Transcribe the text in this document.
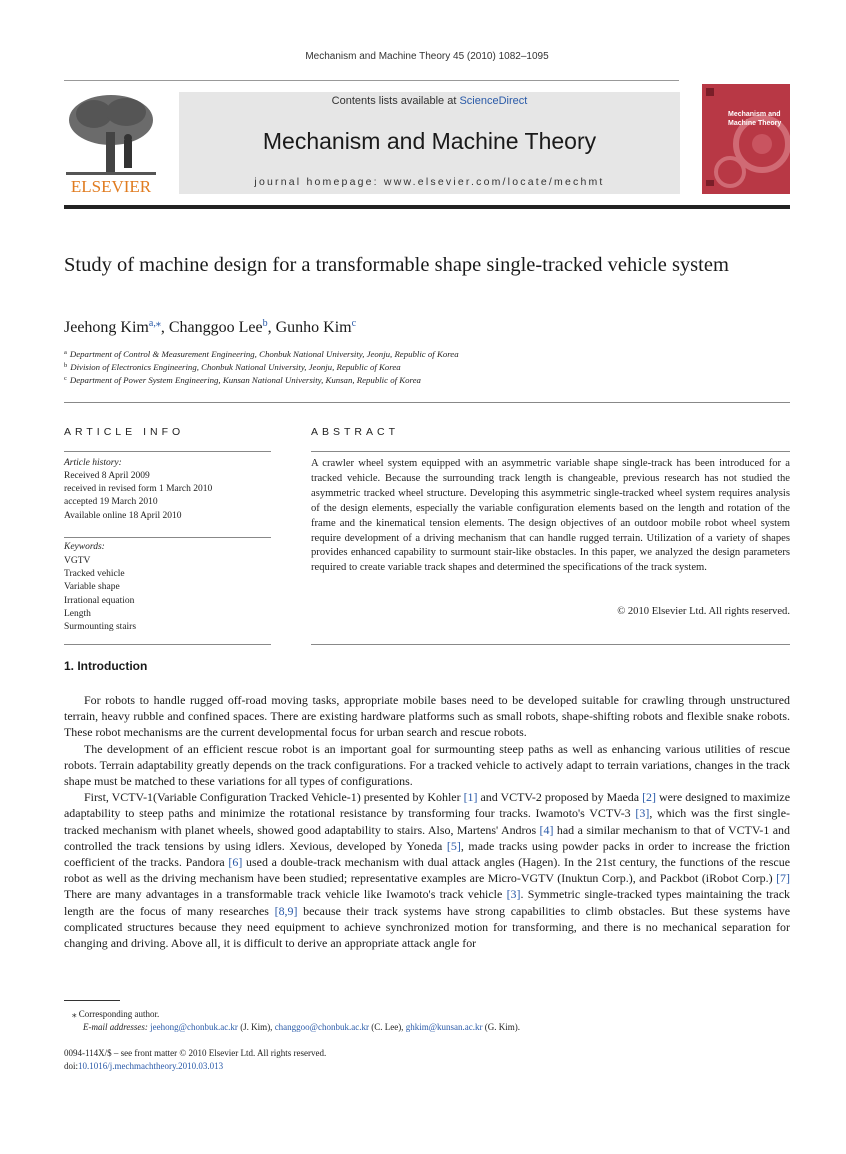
Mechanism and Machine Theory 45 (2010) 1082–1095
ELSEVIER
Contents lists available at ScienceDirect
Mechanism and Machine Theory
journal homepage: www.elsevier.com/locate/mechmt
Mechanism and Machine Theory
Study of machine design for a transformable shape single-tracked vehicle system
Jeehong Kim$^{a,⁎}$, Changgoo Lee$^b$, Gunho Kim$^c$
$^a$ Department of Control & Measurement Engineering, Chonbuk National University, Jeonju, Republic of Korea
$^b$ Division of Electronics Engineering, Chonbuk National University, Jeonju, Republic of Korea
$^c$ Department of Power System Engineering, Kunsan National University, Kunsan, Republic of Korea
ARTICLE INFO
Article history:
Received 8 April 2009
received in revised form 1 March 2010
accepted 19 March 2010
Available online 18 April 2010
Keywords:
VGTV
Tracked vehicle
Variable shape
Irrational equation
Length
Surmounting stairs
ABSTRACT
A crawler wheel system equipped with an asymmetric variable shape single-track has been introduced for a tracked vehicle. Because the surrounding track length is changeable, previous research has not studied the asymmetric tracked wheel structure. Developing this asymmetric single-tracked wheel system requires analysis of the design elements, especially the variable configuration elements based on the length and rotation of the frame and the kinematical tension elements. The design objectives of an outdoor mobile robot wheel system require development of a driving mechanism that can handle rugged terrain. Utilization of a variety of shapes provides enhanced capability to surmount stair-like obstacles. In this paper, we analyzed the design parameters required to create variable track shapes and determined the specifications of the track system.
© 2010 Elsevier Ltd. All rights reserved.
1. Introduction

For robots to handle rugged off-road moving tasks, appropriate mobile bases need to be developed suitable for crawling through unstructured terrain, heavy rubble and confined spaces. There are existing hardware platforms such as small robots, shape-shifting robots and flexible snake robots. These robot mechanisms are the current developmental focus for urban search and rescue robots.

The development of an efficient rescue robot is an important goal for surmounting steep paths as well as enhancing various utilities of rescue robots. Terrain adaptability greatly depends on the track configurations. For a tracked vehicle to actively adapt to terrain variations, changes in the track shape must be matched to these variations for all types of configurations.

First, VCTV-1(Variable Configuration Tracked Vehicle-1) presented by Kohler [1] and VCTV-2 proposed by Maeda [2] were designed to maximize adaptability to steep paths and minimize the rotational resistance by transforming four tracks. Iwamoto's VCTV-3 [3], which was the first single-tracked mechanism with planet wheels, showed good adaptability to stairs. Also, Martens' Andros [4] had a similar mechanism to that of VCTV-1 and controlled the track tensions by using idlers. Xevious, developed by Yoneda [5], made tracks using powder packs in order to increase the friction coefficient of the tracks. Pandora [6] used a double-track mechanism with dual attack angles (Hagen). In the 21st century, the functions of the rescue robot as well as the driving mechanism have been studied; representative examples are Micro-VGTV (Inuktun Corp.), and Packbot (iRobot Corp.) [7] There are many advantages in a transformable track vehicle like Iwamoto's track vehicle [3]. Symmetric single-tracked types maintaining the track length are the focus of many researches [8,9] because their track systems have strong capabilities to climb obstacles. But these systems have complicated structures because they need equipment to achieve synchronized motion for transforming, and there is no mechanical separation for changing and driving. Above all, it is difficult to derive an appropriate attack angle for

⁎ Corresponding author.
E-mail addresses: jeehong@chonbuk.ac.kr (J. Kim), changgoo@chonbuk.ac.kr (C. Lee), ghkim@kunsan.ac.kr (G. Kim).
0094-114X/$ – see front matter © 2010 Elsevier Ltd. All rights reserved.
doi:10.1016/j.mechmachtheory.2010.03.013
